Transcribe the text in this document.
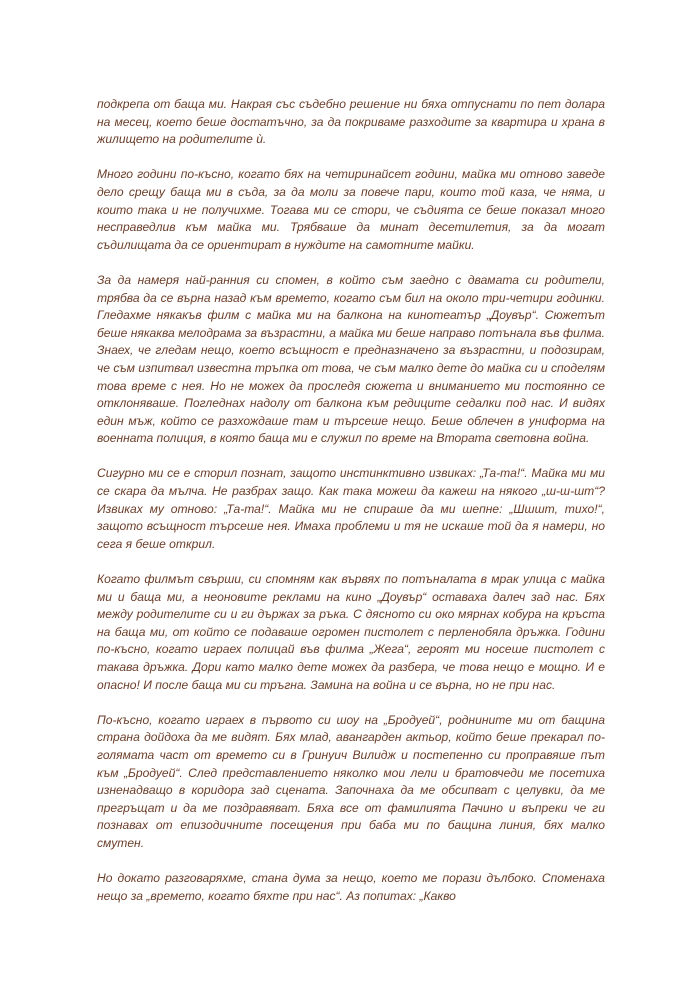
подкрепа от баща ми. Накрая със съдебно решение ни бяха отпуснати по пет долара на месец, което беше достатъчно, за да покриваме разходите за квартира и храна в жилището на родителите ѝ.

Много години по-късно, когато бях на четиринайсет години, майка ми отново заведе дело срещу баща ми в съда, за да моли за повече пари, които той каза, че няма, и които така и не получихме. Тогава ми се стори, че съдията се беше показал много несправедлив към майка ми. Трябваше да минат десетилетия, за да могат съдилищата да се ориентират в нуждите на самотните майки.

За да намеря най-ранния си спомен, в който съм заедно с двамата си родители, трябва да се върна назад към времето, когато съм бил на около три-четири годинки. Гледахме някакъв филм с майка ми на балкона на кинотеатър „Доувър“. Сюжетът беше някаква мелодрама за възрастни, а майка ми беше направо потънала във филма. Знаех, че гледам нещо, което всъщност е предназначено за възрастни, и подозирам, че съм изпитвал известна тръпка от това, че съм малко дете до майка си и споделям това време с нея. Но не можех да проследя сюжета и вниманието ми постоянно се отклоняваше. Погледнах надолу от балкона към редиците седалки под нас. И видях един мъж, който се разхождаше там и търсеше нещо. Беше облечен в униформа на военната полиция, в която баща ми е служил по време на Втората световна война.

Сигурно ми се е сторил познат, защото инстинктивно извиках: „Та-та!“. Майка ми ми се скара да мълча. Не разбрах защо. Как така можеш да кажеш на някого „ш-ш-шт“? Извиках му отново: „Та-та!“. Майка ми не спираше да ми шепне: „Шшшт, тихо!“, защото всъщност търсеше нея. Имаха проблеми и тя не искаше той да я намери, но сега я беше открил.

Когато филмът свърши, си спомням как вървях по потъналата в мрак улица с майка ми и баща ми, а неоновите реклами на кино „Доувър“ оставаха далеч зад нас. Бях между родителите си и ги държах за ръка. С дясното си око мярнах кобура на кръста на баща ми, от който се подаваше огромен пистолет с перленобяла дръжка. Години по-късно, когато играех полицай във филма „Жега“, героят ми носеше пистолет с такава дръжка. Дори като малко дете можех да разбера, че това нещо е мощно. И е опасно! И после баща ми си тръгна. Замина на война и се върна, но не при нас.

По-късно, когато играех в първото си шоу на „Бродуей“, роднините ми от бащина страна дойдоха да ме видят. Бях млад, авангарден актьор, който беше прекарал по-голямата част от времето си в Гринуич Вилидж и постепенно си проправяше път към „Бродуей“. След представлението няколко мои лели и братовчеди ме посетиха изненадващо в коридора зад сцената. Започнаха да ме обсипват с целувки, да ме прегръщат и да ме поздравяват. Бяха все от фамилията Пачино и въпреки че ги познавах от епизодичните посещения при баба ми по бащина линия, бях малко смутен.

Но докато разговаряхме, стана дума за нещо, което ме порази дълбоко. Споменаха нещо за „времето, когато бяхте при нас“. Аз попитах: „Какво
